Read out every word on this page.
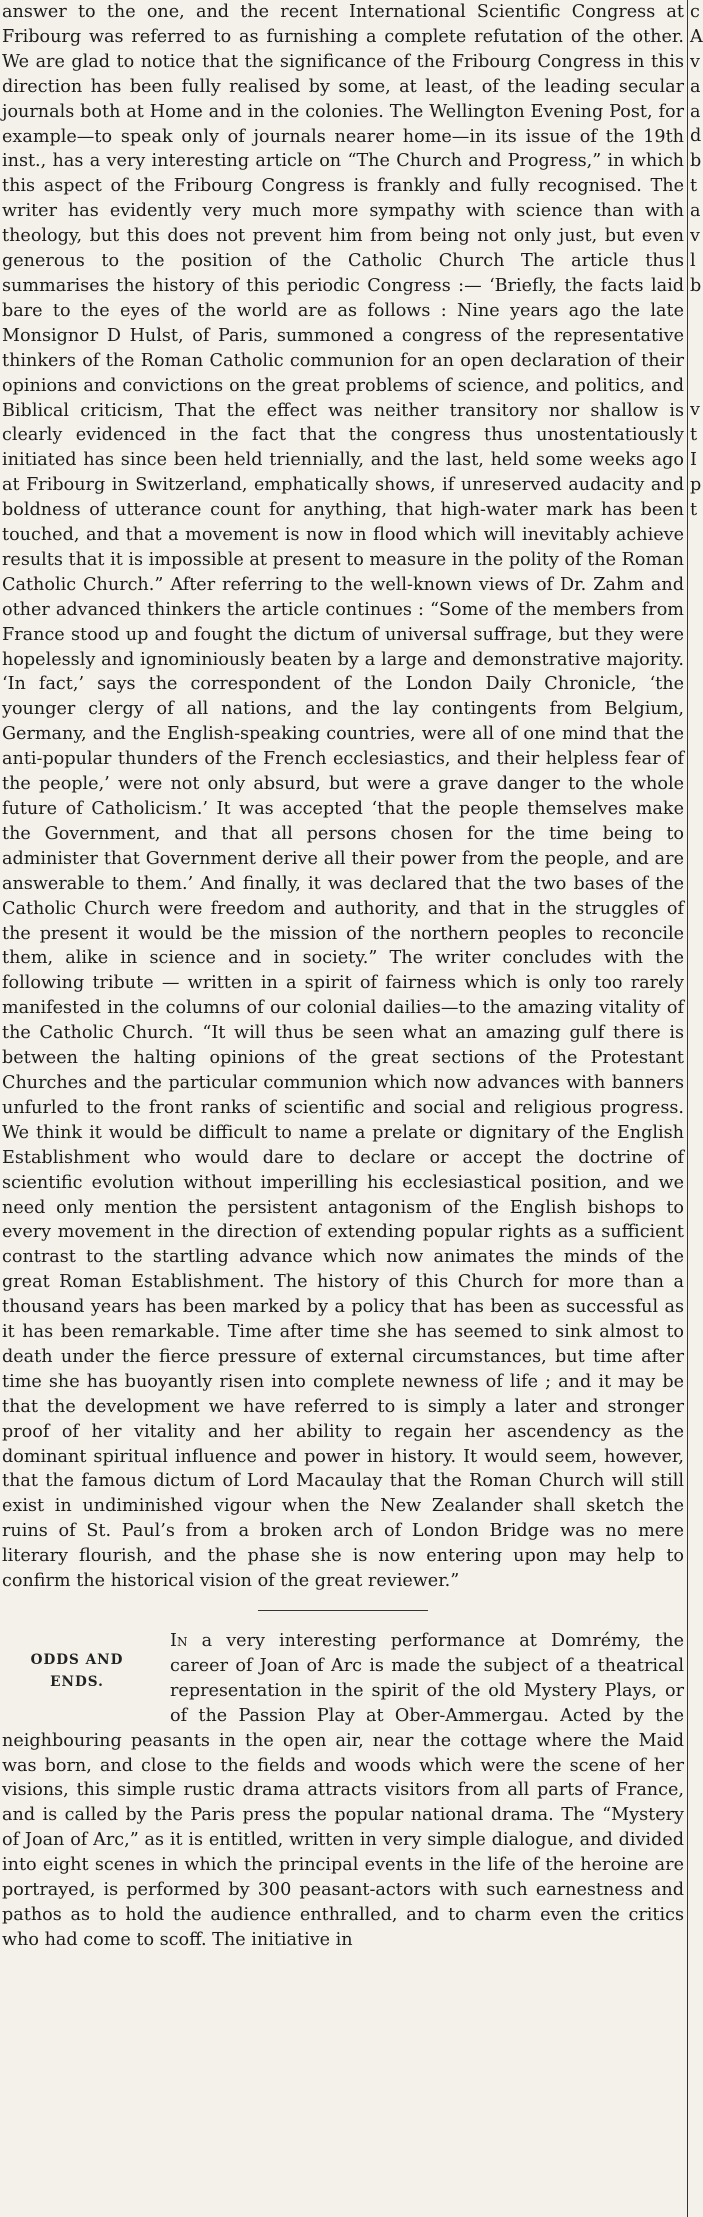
answer to the one, and the recent International Scientific Congress at Fribourg was referred to as furnishing a complete refutation of the other. We are glad to notice that the significance of the Fribourg Congress in this direction has been fully realised by some, at least, of the leading secular journals both at Home and in the colonies. The Wellington Evening Post, for example—to speak only of journals nearer home—in its issue of the 19th inst., has a very interesting article on “The Church and Progress,” in which this aspect of the Fribourg Congress is frankly and fully recognised. The writer has evidently very much more sympathy with science than with theology, but this does not prevent him from being not only just, but even generous to the position of the Catholic Church The article thus summarises the history of this periodic Congress :— ‘Briefly, the facts laid bare to the eyes of the world are as follows : Nine years ago the late Monsignor D Hulst, of Paris, summoned a congress of the representative thinkers of the Roman Catholic communion for an open declaration of their opinions and convictions on the great problems of science, and politics, and Biblical criticism, That the effect was neither transitory nor shallow is clearly evidenced in the fact that the congress thus unostentatiously initiated has since been held triennially, and the last, held some weeks ago at Fribourg in Switzerland, emphatically shows, if unreserved audacity and boldness of utterance count for anything, that high-water mark has been touched, and that a movement is now in flood which will inevitably achieve results that it is impossible at present to measure in the polity of the Roman Catholic Church.” After referring to the well-known views of Dr. Zahm and other advanced thinkers the article continues : “Some of the members from France stood up and fought the dictum of universal suffrage, but they were hopelessly and ignominiously beaten by a large and demonstrative majority. ‘In fact,’ says the correspondent of the London Daily Chronicle, ‘the younger clergy of all nations, and the lay contingents from Belgium, Germany, and the English-speaking countries, were all of one mind that the anti-popular thunders of the French ecclesiastics, and their helpless fear of the people,’ were not only absurd, but were a grave danger to the whole future of Catholicism.’ It was accepted ‘that the people themselves make the Government, and that all persons chosen for the time being to administer that Government derive all their power from the people, and are answerable to them.’ And finally, it was declared that the two bases of the Catholic Church were freedom and authority, and that in the struggles of the present it would be the mission of the northern peoples to reconcile them, alike in science and in society.” The writer concludes with the following tribute — written in a spirit of fairness which is only too rarely manifested in the columns of our colonial dailies—to the amazing vitality of the Catholic Church. “It will thus be seen what an amazing gulf there is between the halting opinions of the great sections of the Protestant Churches and the particular communion which now advances with banners unfurled to the front ranks of scientific and social and religious progress. We think it would be difficult to name a prelate or dignitary of the English Establishment who would dare to declare or accept the doctrine of scientific evolution without imperilling his ecclesiastical position, and we need only mention the persistent antagonism of the English bishops to every movement in the direction of extending popular rights as a sufficient contrast to the startling advance which now animates the minds of the great Roman Establishment. The history of this Church for more than a thousand years has been marked by a policy that has been as successful as it has been remarkable. Time after time she has seemed to sink almost to death under the fierce pressure of external circumstances, but time after time she has buoyantly risen into complete newness of life ; and it may be that the development we have referred to is simply a later and stronger proof of her vitality and her ability to regain her ascendency as the dominant spiritual influence and power in history. It would seem, however, that the famous dictum of Lord Macaulay that the Roman Church will still exist in undiminished vigour when the New Zealander shall sketch the ruins of St. Paul’s from a broken arch of London Bridge was no mere literary flourish, and the phase she is now entering upon may help to confirm the historical vision of the great reviewer.”

ODDS AND
ENDS.

In a very interesting performance at Domrémy, the career of Joan of Arc is made the subject of a theatrical representation in the spirit of the old Mystery Plays, or of the Passion Play at Ober-Ammergau. Acted by the neighbouring peasants in the open air, near the cottage where the Maid was born, and close to the fields and woods which were the scene of her visions, this simple rustic drama attracts visitors from all parts of France, and is called by the Paris press the popular national drama. The “Mystery of Joan of Arc,” as it is entitled, written in very simple dialogue, and divided into eight scenes in which the principal events in the life of the heroine are portrayed, is performed by 300 peasant-actors with such earnestness and pathos as to hold the audience enthralled, and to charm even the critics who had come to scoff. The initiative in

c
A
v
a
a
d
b
t
a
v
l
b
v
t
I
p
t
